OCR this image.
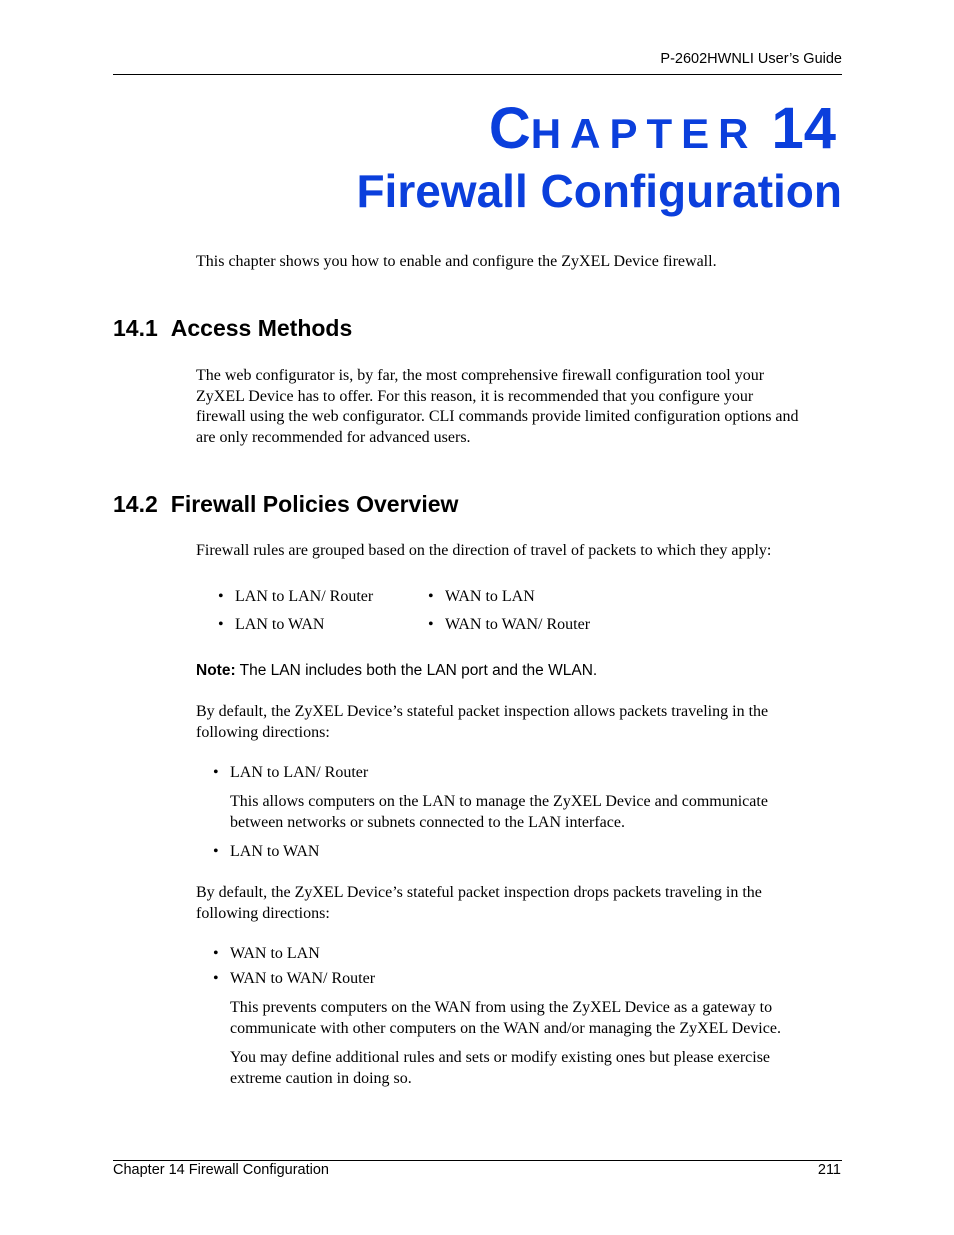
P-2602HWNLI User’s Guide
CHAPTER 14
Firewall Configuration
This chapter shows you how to enable and configure the ZyXEL Device firewall.
14.1 Access Methods
The web configurator is, by far, the most comprehensive firewall configuration tool your
ZyXEL Device has to offer. For this reason, it is recommended that you configure your
firewall using the web configurator. CLI commands provide limited configuration options and
are only recommended for advanced users.
14.2 Firewall Policies Overview
Firewall rules are grouped based on the direction of travel of packets to which they apply:
• LAN to LAN/ Router
• LAN to WAN
• WAN to LAN
• WAN to WAN/ Router
Note: The LAN includes both the LAN port and the WLAN.
By default, the ZyXEL Device’s stateful packet inspection allows packets traveling in the
following directions:
• LAN to LAN/ Router
This allows computers on the LAN to manage the ZyXEL Device and communicate
between networks or subnets connected to the LAN interface.
• LAN to WAN
By default, the ZyXEL Device’s stateful packet inspection drops packets traveling in the
following directions:
• WAN to LAN
• WAN to WAN/ Router
This prevents computers on the WAN from using the ZyXEL Device as a gateway to
communicate with other computers on the WAN and/or managing the ZyXEL Device.
You may define additional rules and sets or modify existing ones but please exercise
extreme caution in doing so.
Chapter 14 Firewall Configuration	211
